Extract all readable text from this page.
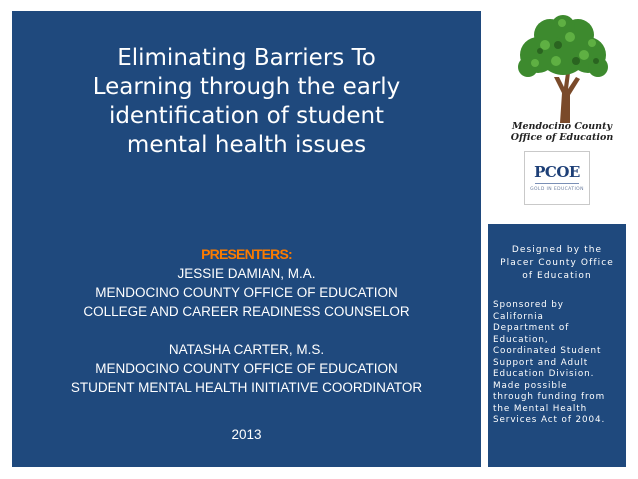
Eliminating Barriers To
Learning through the early
identification of student
mental health issues
PRESENTERS:
JESSIE DAMIAN, M.A.
MENDOCINO COUNTY OFFICE OF EDUCATION
COLLEGE AND CAREER READINESS COUNSELOR
NATASHA CARTER, M.S.
MENDOCINO COUNTY OFFICE OF EDUCATION
STUDENT MENTAL HEALTH INITIATIVE COORDINATOR
2013
Mendocino County
Office of Education
PCOE
GOLD IN EDUCATION
Designed by the
Placer County Office
of Education
Sponsored by
California
Department of
Education,
Coordinated Student
Support and Adult
Education Division.
Made possible
through funding from
the Mental Health
Services Act of 2004.
